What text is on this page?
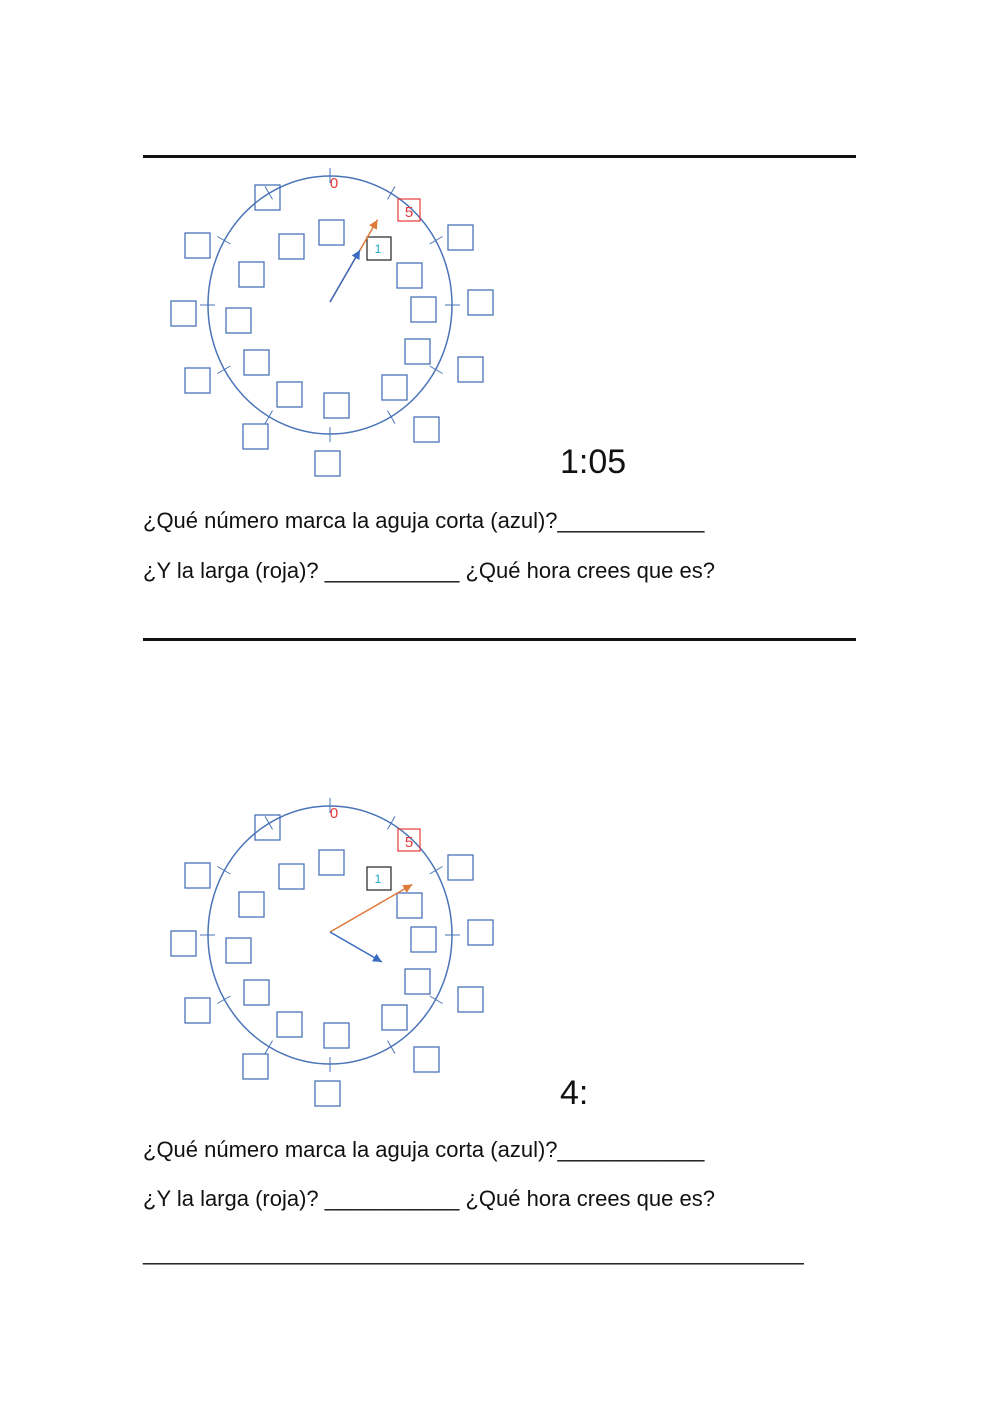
0
5
1
1:05
¿Qué número marca la aguja corta (azul)?____________
¿Y la larga (roja)? ___________ ¿Qué hora crees que es?
0
5
1
4:
¿Qué número marca la aguja corta (azul)?____________
¿Y la larga (roja)? ___________ ¿Qué hora crees que es?
______________________________________________________
